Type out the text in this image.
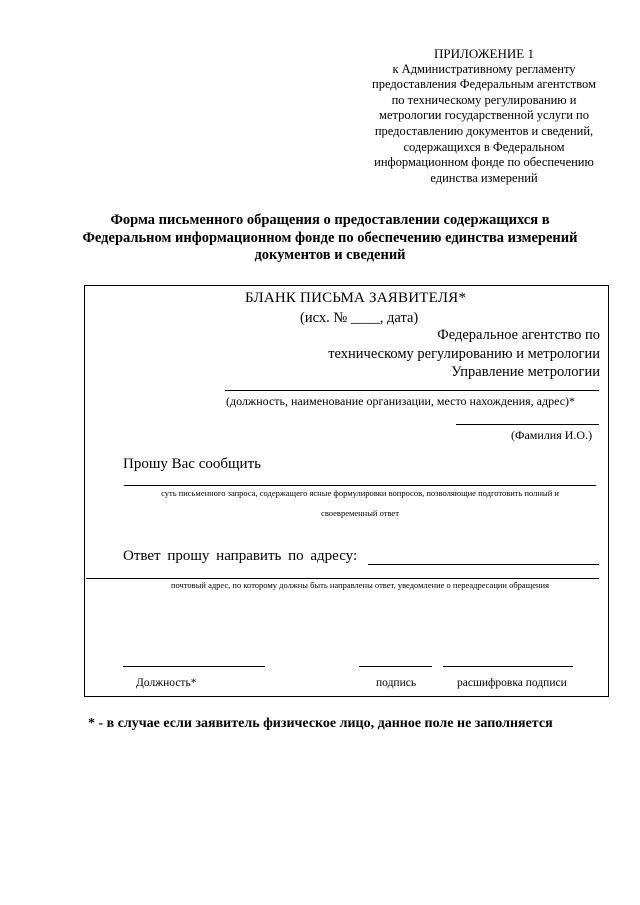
ПРИЛОЖЕНИЕ 1
к Административному регламенту
предоставления Федеральным агентством
по техническому регулированию и
метрологии государственной услуги по
предоставлению документов и сведений,
содержащихся в Федеральном
информационном фонде по обеспечению
единства измерений
Форма письменного обращения о предоставлении содержащихся в
Федеральном информационном фонде по обеспечению единства измерений
документов и сведений
БЛАНК ПИСЬМА ЗАЯВИТЕЛЯ*
(исх. № ____, дата)
Федеральное агентство по
техническому регулированию и метрологии
Управление метрологии
(должность, наименование организации, место нахождения, адрес)*
(Фамилия И.О.)
Прошу Вас сообщить
суть письменного запроса, содержащего ясные формулировки вопросов, позволяющие подготовить полный и
своевременный ответ
Ответ прошу направить по адресу:
почтовый адрес, по которому должны быть направлены ответ, уведомление о переадресации обращения
Должность*	подпись	расшифровка подписи
* - в случае если заявитель физическое лицо, данное поле не заполняется
